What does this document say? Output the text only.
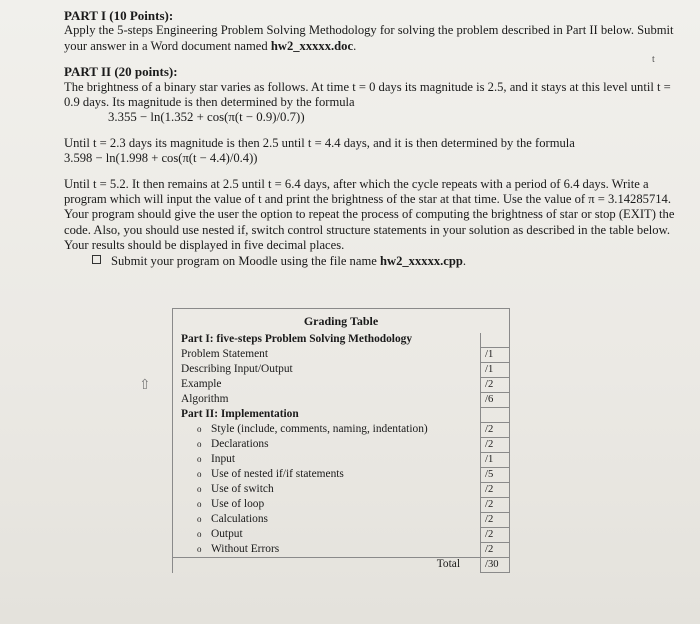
t

PART I (10 Points):

Apply the 5-steps Engineering Problem Solving Methodology for solving the problem described in Part II below. Submit

your answer in a Word document named hw2_xxxxx.doc.

PART II (20 points):

The brightness of a binary star varies as follows. At time t = 0 days its magnitude is 2.5, and it stays at this level until t =

0.9 days. Its magnitude is then determined by the formula

3.355 − ln(1.352 + cos(π(t − 0.9)/0.7))

Until t = 2.3 days its magnitude is then 2.5 until t = 4.4 days, and it is then determined by the formula

3.598 − ln(1.998 + cos(π(t − 4.4)/0.4))

Until t = 5.2. It then remains at 2.5 until t = 6.4 days, after which the cycle repeats with a period of 6.4 days. Write a

program which will input the value of t and print the brightness of the star at that time. Use the value of π = 3.14285714.

Your program should give the user the option to repeat the process of computing the brightness of star or stop (EXIT) the

code. Also, you should use nested if, switch control structure statements in your solution as described in the table below.

Your results should be displayed in five decimal places.

Submit your program on Moodle using the file name hw2_xxxxx.cpp.

⇧
Grading Table		
Part I: five-steps Problem Solving Methodology		
Problem Statement		/1
Describing Input/Output		/1
Example		/2
Algorithm		/6
Part II: Implementation		
o Style (include, comments, naming, indentation)		/2
o Declarations		/2
o Input		/1
o Use of nested if/if statements		/5
o Use of switch		/2
o Use of loop		/2
o Calculations		/2
o Output		/2
o Without Errors		/2
Total		/30
